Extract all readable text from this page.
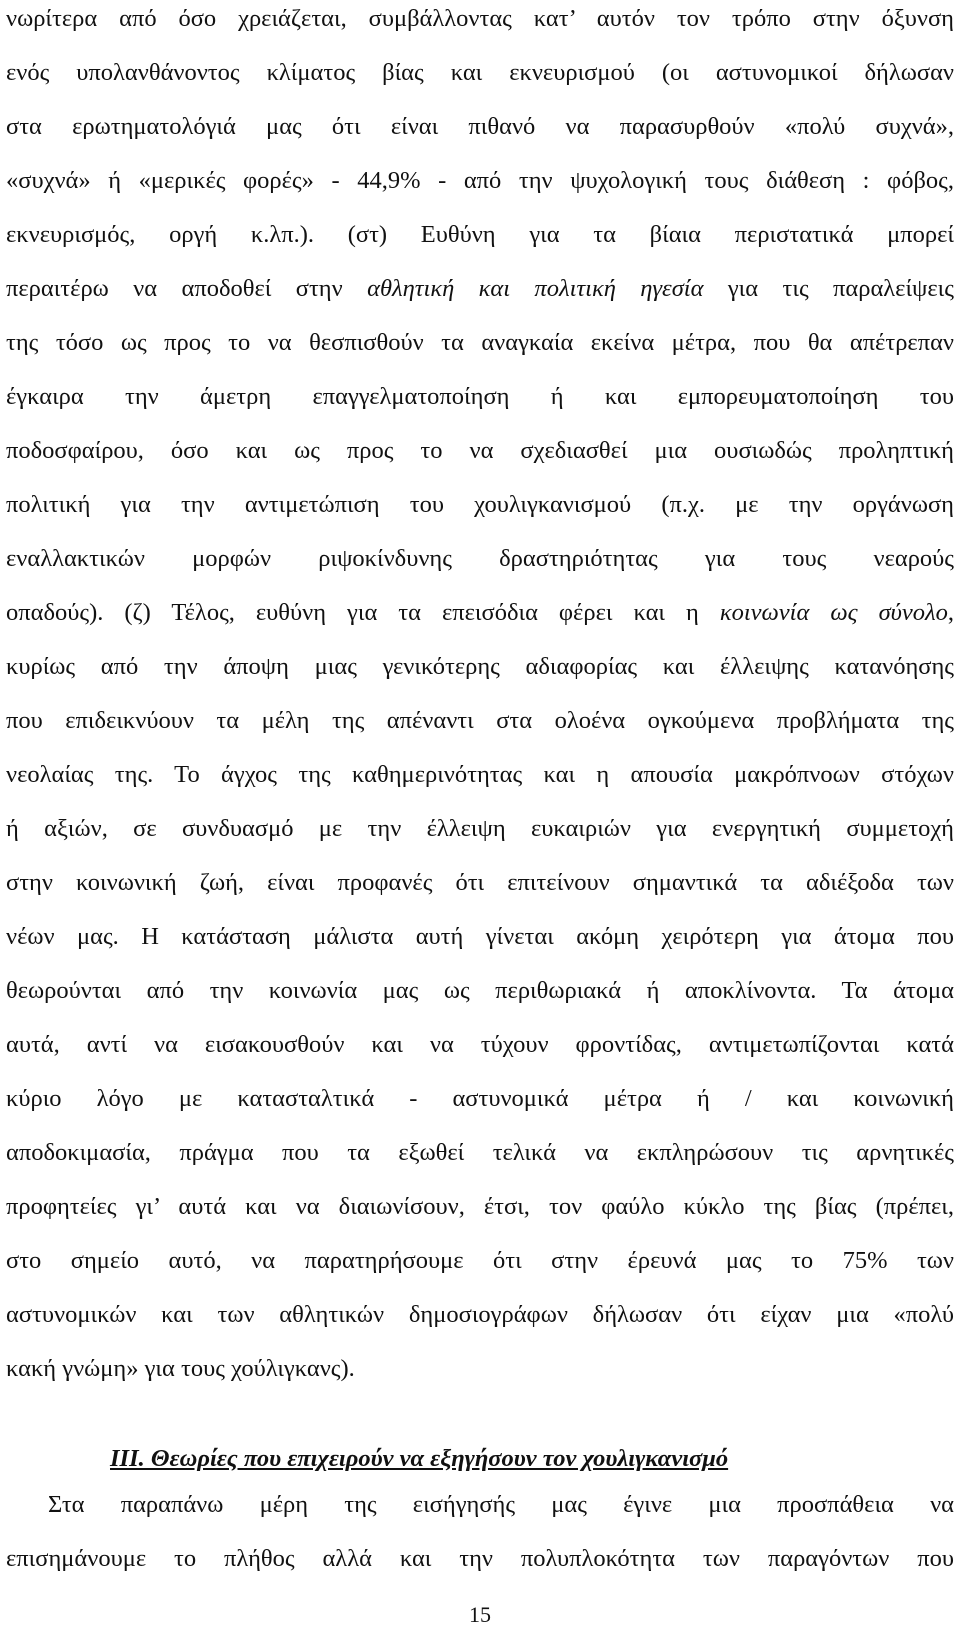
νωρίτερα από όσο χρειάζεται, συμβάλλοντας κατ’ αυτόν τον τρόπο στην όξυνση
ενός υπολανθάνοντος κλίματος βίας και εκνευρισμού (οι αστυνομικοί δήλωσαν
στα ερωτηματολόγιά μας ότι είναι πιθανό να παρασυρθούν «πολύ συχνά»,
«συχνά» ή «μερικές φορές» - 44,9% - από την ψυχολογική τους διάθεση : φόβος,
εκνευρισμός, οργή κ.λπ.). (στ) Ευθύνη για τα βίαια περιστατικά μπορεί
περαιτέρω να αποδοθεί στην αθλητική και πολιτική ηγεσία για τις παραλείψεις
της τόσο ως προς το να θεσπισθούν τα αναγκαία εκείνα μέτρα, που θα απέτρεπαν
έγκαιρα την άμετρη επαγγελματοποίηση ή και εμπορευματοποίηση του
ποδοσφαίρου, όσο και ως προς το να σχεδιασθεί μια ουσιωδώς προληπτική
πολιτική για την αντιμετώπιση του χουλιγκανισμού (π.χ. με την οργάνωση
εναλλακτικών μορφών ριψοκίνδυνης δραστηριότητας για τους νεαρούς
οπαδούς). (ζ) Τέλος, ευθύνη για τα επεισόδια φέρει και η κοινωνία ως σύνολο,
κυρίως από την άποψη μιας γενικότερης αδιαφορίας και έλλειψης κατανόησης
που επιδεικνύουν τα μέλη της απέναντι στα ολοένα ογκούμενα προβλήματα της
νεολαίας της. Το άγχος της καθημερινότητας και η απουσία μακρόπνοων στόχων
ή αξιών, σε συνδυασμό με την έλλειψη ευκαιριών για ενεργητική συμμετοχή
στην κοινωνική ζωή, είναι προφανές ότι επιτείνουν σημαντικά τα αδιέξοδα των
νέων μας. Η κατάσταση μάλιστα αυτή γίνεται ακόμη χειρότερη για άτομα που
θεωρούνται από την κοινωνία μας ως περιθωριακά ή αποκλίνοντα. Τα άτομα
αυτά, αντί να εισακουσθούν και να τύχουν φροντίδας, αντιμετωπίζονται κατά
κύριο λόγο με κατασταλτικά - αστυνομικά μέτρα ή / και κοινωνική
αποδοκιμασία, πράγμα που τα εξωθεί τελικά να εκπληρώσουν τις αρνητικές
προφητείες γι’ αυτά και να διαιωνίσουν, έτσι, τον φαύλο κύκλο της βίας (πρέπει,
στο σημείο αυτό, να παρατηρήσουμε ότι στην έρευνά μας το 75% των
αστυνομικών και των αθλητικών δημοσιογράφων δήλωσαν ότι είχαν μια «πολύ
κακή γνώμη» για τους χούλιγκανς).
ΙΙΙ. Θεωρίες που επιχειρούν να εξηγήσουν τον χουλιγκανισμό
Στα παραπάνω μέρη της εισήγησής μας έγινε μια προσπάθεια να
επισημάνουμε το πλήθος αλλά και την πολυπλοκότητα των παραγόντων που
15
